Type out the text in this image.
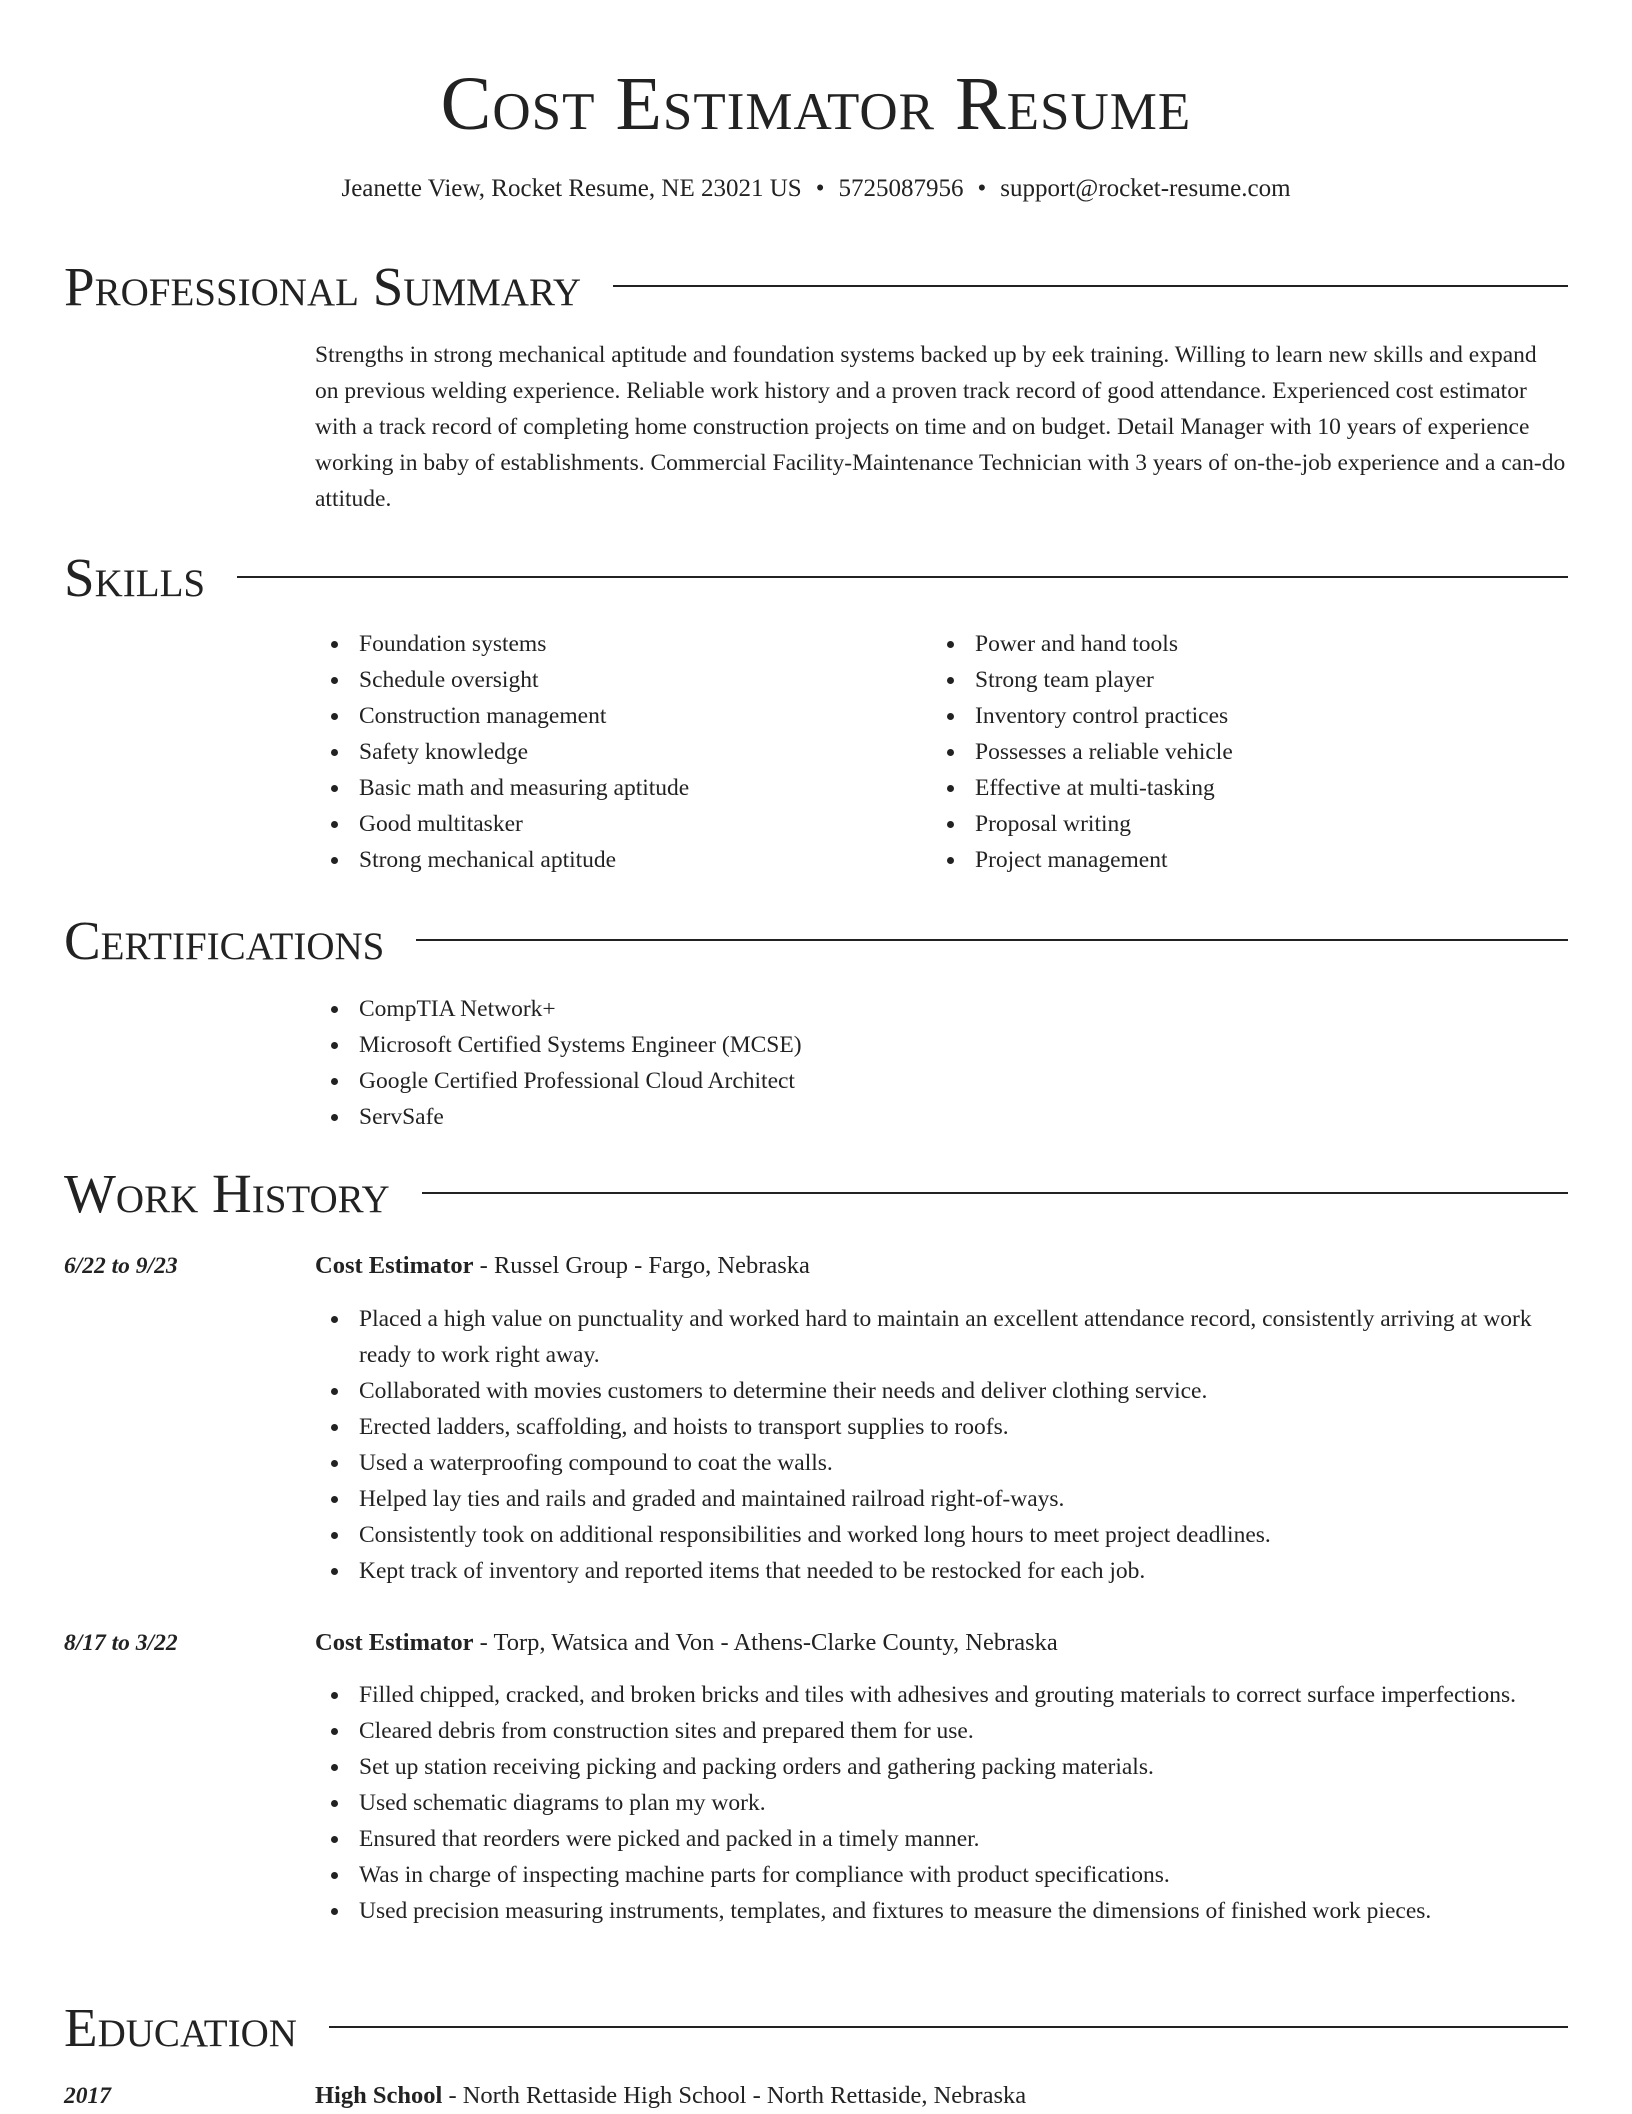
Cost Estimator Resume
Jeanette View, Rocket Resume, NE 23021 US • 5725087956 • support@rocket-resume.com
Professional Summary
Strengths in strong mechanical aptitude and foundation systems backed up by eek training. Willing to learn new skills and expand on previous welding experience. Reliable work history and a proven track record of good attendance. Experienced cost estimator with a track record of completing home construction projects on time and on budget. Detail Manager with 10 years of experience working in baby of establishments. Commercial Facility-Maintenance Technician with 3 years of on-the-job experience and a can-do attitude.
Skills
Foundation systems
Schedule oversight
Construction management
Safety knowledge
Basic math and measuring aptitude
Good multitasker
Strong mechanical aptitude
Power and hand tools
Strong team player
Inventory control practices
Possesses a reliable vehicle
Effective at multi-tasking
Proposal writing
Project management
Certifications
CompTIA Network+
Microsoft Certified Systems Engineer (MCSE)
Google Certified Professional Cloud Architect
ServSafe
Work History
6/22 to 9/23	Cost Estimator - Russel Group - Fargo, Nebraska
Placed a high value on punctuality and worked hard to maintain an excellent attendance record, consistently arriving at work ready to work right away.
Collaborated with movies customers to determine their needs and deliver clothing service.
Erected ladders, scaffolding, and hoists to transport supplies to roofs.
Used a waterproofing compound to coat the walls.
Helped lay ties and rails and graded and maintained railroad right-of-ways.
Consistently took on additional responsibilities and worked long hours to meet project deadlines.
Kept track of inventory and reported items that needed to be restocked for each job.
8/17 to 3/22	Cost Estimator - Torp, Watsica and Von - Athens-Clarke County, Nebraska
Filled chipped, cracked, and broken bricks and tiles with adhesives and grouting materials to correct surface imperfections.
Cleared debris from construction sites and prepared them for use.
Set up station receiving picking and packing orders and gathering packing materials.
Used schematic diagrams to plan my work.
Ensured that reorders were picked and packed in a timely manner.
Was in charge of inspecting machine parts for compliance with product specifications.
Used precision measuring instruments, templates, and fixtures to measure the dimensions of finished work pieces.
Education
2017	High School - North Rettaside High School - North Rettaside, Nebraska
